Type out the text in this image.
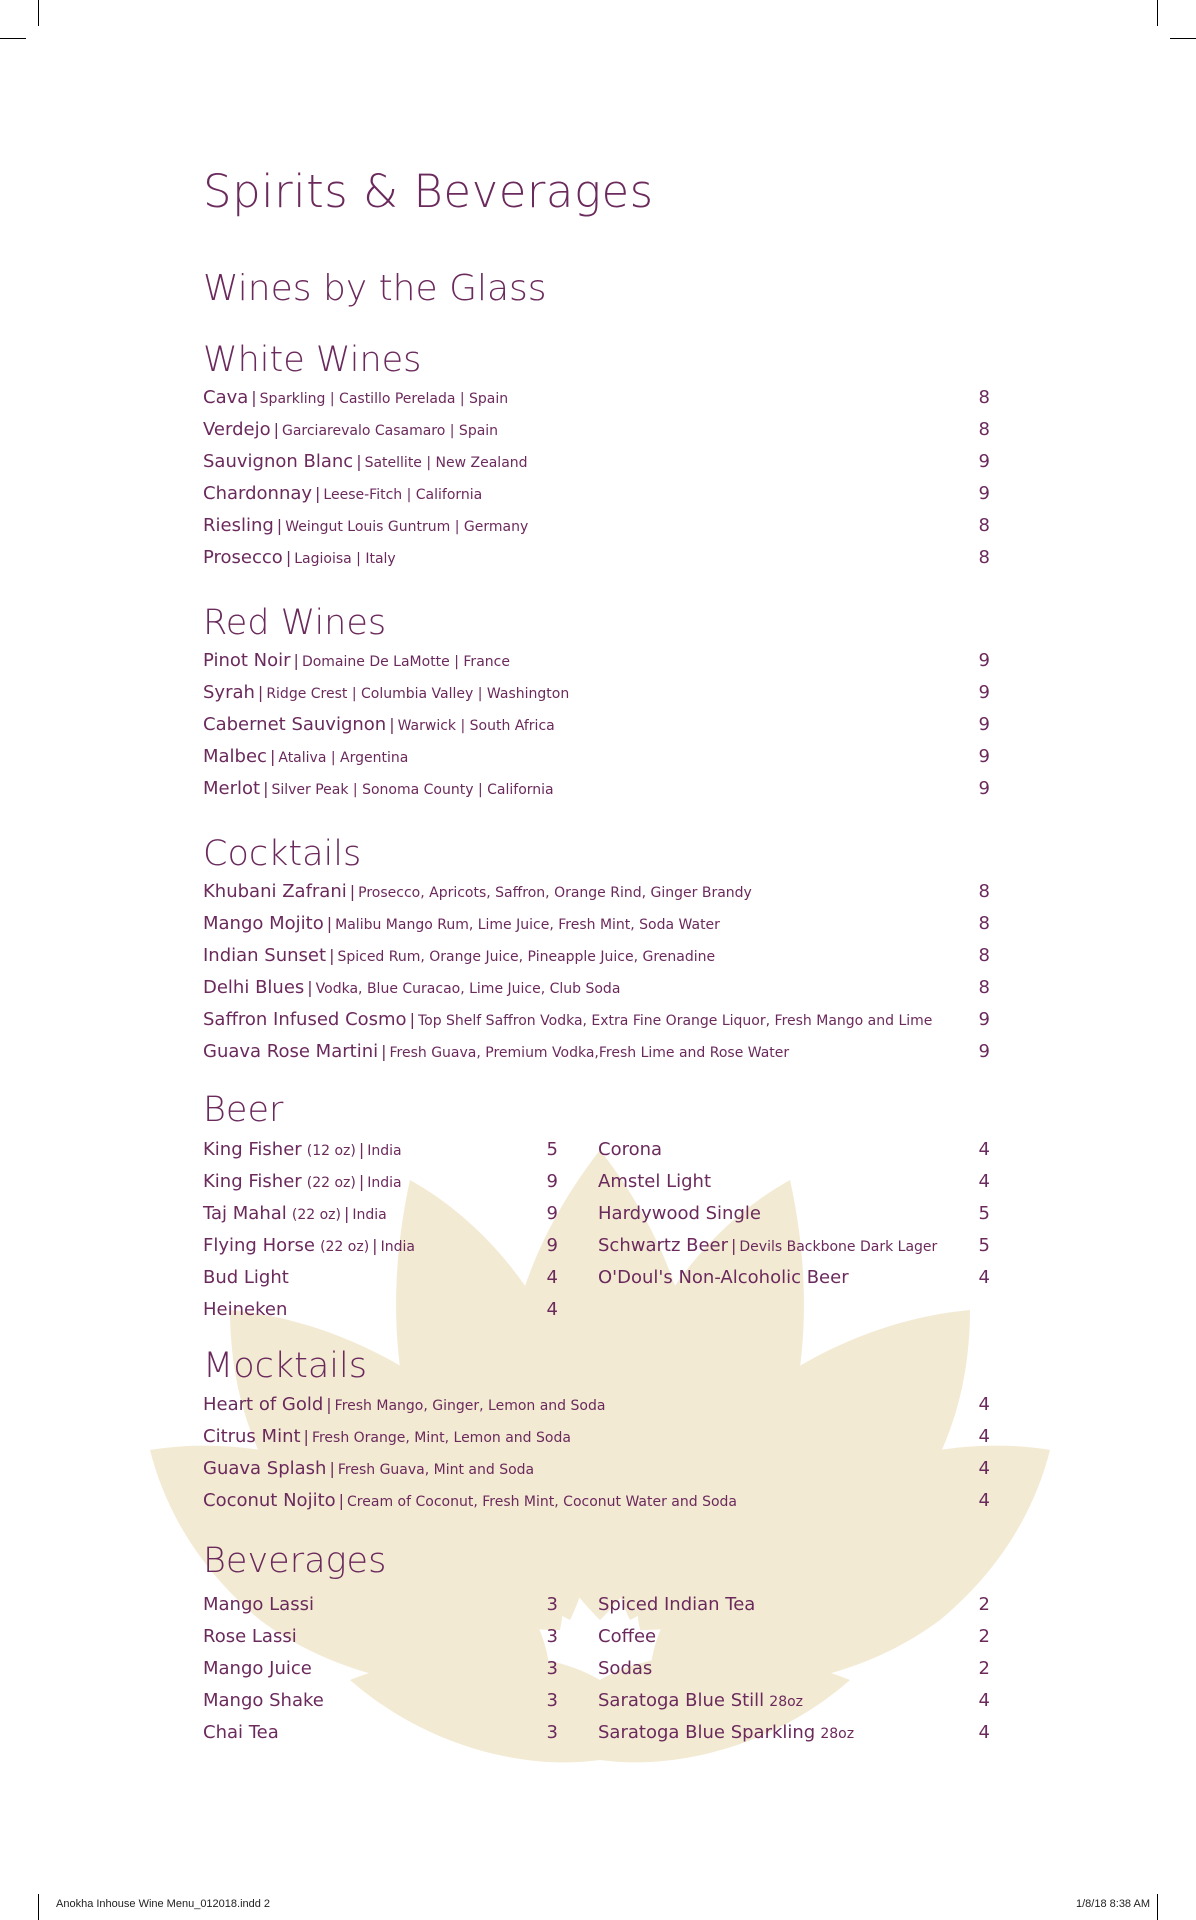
Spirits & Beverages
Wines by the Glass
White Wines
Cava | Sparkling | Castillo Perelada | Spain	8
Verdejo | Garciarevalo Casamaro | Spain	8
Sauvignon Blanc | Satellite | New Zealand	9
Chardonnay | Leese-Fitch | California	9
Riesling | Weingut Louis Guntrum | Germany	8
Prosecco | Lagioisa | Italy	8
Red Wines
Pinot Noir | Domaine De LaMotte | France	9
Syrah | Ridge Crest | Columbia Valley | Washington	9
Cabernet Sauvignon | Warwick | South Africa	9
Malbec | Ataliva | Argentina	9
Merlot | Silver Peak | Sonoma County | California	9
Cocktails
Khubani Zafrani | Prosecco, Apricots, Saffron, Orange Rind, Ginger Brandy	8
Mango Mojito | Malibu Mango Rum, Lime Juice, Fresh Mint, Soda Water	8
Indian Sunset | Spiced Rum, Orange Juice, Pineapple Juice, Grenadine	8
Delhi Blues | Vodka, Blue Curacao, Lime Juice, Club Soda	8
Saffron Infused Cosmo | Top Shelf Saffron Vodka, Extra Fine Orange Liquor, Fresh Mango and Lime	9
Guava Rose Martini | Fresh Guava, Premium Vodka,Fresh Lime and Rose Water	9
Beer
King Fisher (12 oz) | India	5
King Fisher (22 oz) | India	9
Taj Mahal (22 oz) | India	9
Flying Horse (22 oz) | India	9
Bud Light	4
Heineken	4
Corona	4
Amstel Light	4
Hardywood Single	5
Schwartz Beer | Devils Backbone Dark Lager 5
O'Doul's Non-Alcoholic Beer	4
Mocktails
Heart of Gold | Fresh Mango, Ginger, Lemon and Soda	4
Citrus Mint | Fresh Orange, Mint, Lemon and Soda	4
Guava Splash | Fresh Guava, Mint and Soda	4
Coconut Nojito | Cream of Coconut, Fresh Mint, Coconut Water and Soda	4
Beverages
Mango Lassi	3
Rose Lassi	3
Mango Juice	3
Mango Shake	3
Chai Tea	3
Spiced Indian Tea	2
Coffee	2
Sodas	2
Saratoga Blue Still 28oz	4
Saratoga Blue Sparkling 28oz	4
Anokha Inhouse Wine Menu_012018.indd 2	1/8/18 8:38 AM
